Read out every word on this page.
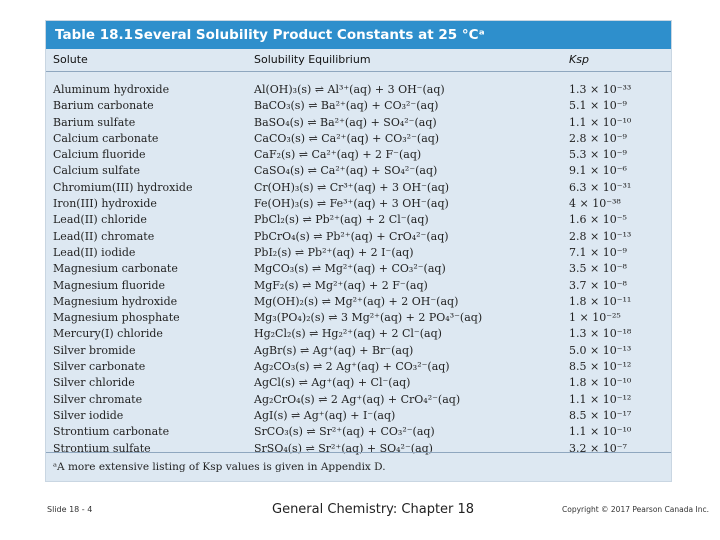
Table 18.1 Several Solubility Product Constants at 25 °Cᵃ
Solute	Solubility Equilibrium	Ksp
Aluminum hydroxide	Al(OH)₃(s) ⇌ Al³⁺(aq) + 3 OH⁻(aq)	1.3 × 10⁻³³
Barium carbonate	BaCO₃(s) ⇌ Ba²⁺(aq) + CO₃²⁻(aq)	5.1 × 10⁻⁹
Barium sulfate	BaSO₄(s) ⇌ Ba²⁺(aq) + SO₄²⁻(aq)	1.1 × 10⁻¹⁰
Calcium carbonate	CaCO₃(s) ⇌ Ca²⁺(aq) + CO₃²⁻(aq)	2.8 × 10⁻⁹
Calcium fluoride	CaF₂(s) ⇌ Ca²⁺(aq) + 2 F⁻(aq)	5.3 × 10⁻⁹
Calcium sulfate	CaSO₄(s) ⇌ Ca²⁺(aq) + SO₄²⁻(aq)	9.1 × 10⁻⁶
Chromium(III) hydroxide	Cr(OH)₃(s) ⇌ Cr³⁺(aq) + 3 OH⁻(aq)	6.3 × 10⁻³¹
Iron(III) hydroxide	Fe(OH)₃(s) ⇌ Fe³⁺(aq) + 3 OH⁻(aq)	4 × 10⁻³⁸
Lead(II) chloride	PbCl₂(s) ⇌ Pb²⁺(aq) + 2 Cl⁻(aq)	1.6 × 10⁻⁵
Lead(II) chromate	PbCrO₄(s) ⇌ Pb²⁺(aq) + CrO₄²⁻(aq)	2.8 × 10⁻¹³
Lead(II) iodide	PbI₂(s) ⇌ Pb²⁺(aq) + 2 I⁻(aq)	7.1 × 10⁻⁹
Magnesium carbonate	MgCO₃(s) ⇌ Mg²⁺(aq) + CO₃²⁻(aq)	3.5 × 10⁻⁸
Magnesium fluoride	MgF₂(s) ⇌ Mg²⁺(aq) + 2 F⁻(aq)	3.7 × 10⁻⁸
Magnesium hydroxide	Mg(OH)₂(s) ⇌ Mg²⁺(aq) + 2 OH⁻(aq)	1.8 × 10⁻¹¹
Magnesium phosphate	Mg₃(PO₄)₂(s) ⇌ 3 Mg²⁺(aq) + 2 PO₄³⁻(aq)	1 × 10⁻²⁵
Mercury(I) chloride	Hg₂Cl₂(s) ⇌ Hg₂²⁺(aq) + 2 Cl⁻(aq)	1.3 × 10⁻¹⁸
Silver bromide	AgBr(s) ⇌ Ag⁺(aq) + Br⁻(aq)	5.0 × 10⁻¹³
Silver carbonate	Ag₂CO₃(s) ⇌ 2 Ag⁺(aq) + CO₃²⁻(aq)	8.5 × 10⁻¹²
Silver chloride	AgCl(s) ⇌ Ag⁺(aq) + Cl⁻(aq)	1.8 × 10⁻¹⁰
Silver chromate	Ag₂CrO₄(s) ⇌ 2 Ag⁺(aq) + CrO₄²⁻(aq)	1.1 × 10⁻¹²
Silver iodide	AgI(s) ⇌ Ag⁺(aq) + I⁻(aq)	8.5 × 10⁻¹⁷
Strontium carbonate	SrCO₃(s) ⇌ Sr²⁺(aq) + CO₃²⁻(aq)	1.1 × 10⁻¹⁰
Strontium sulfate	SrSO₄(s) ⇌ Sr²⁺(aq) + SO₄²⁻(aq)	3.2 × 10⁻⁷
ᵃA more extensive listing of Ksp values is given in Appendix D.
Slide 18 - 4	General Chemistry: Chapter 18	Copyright © 2017 Pearson Canada Inc.
